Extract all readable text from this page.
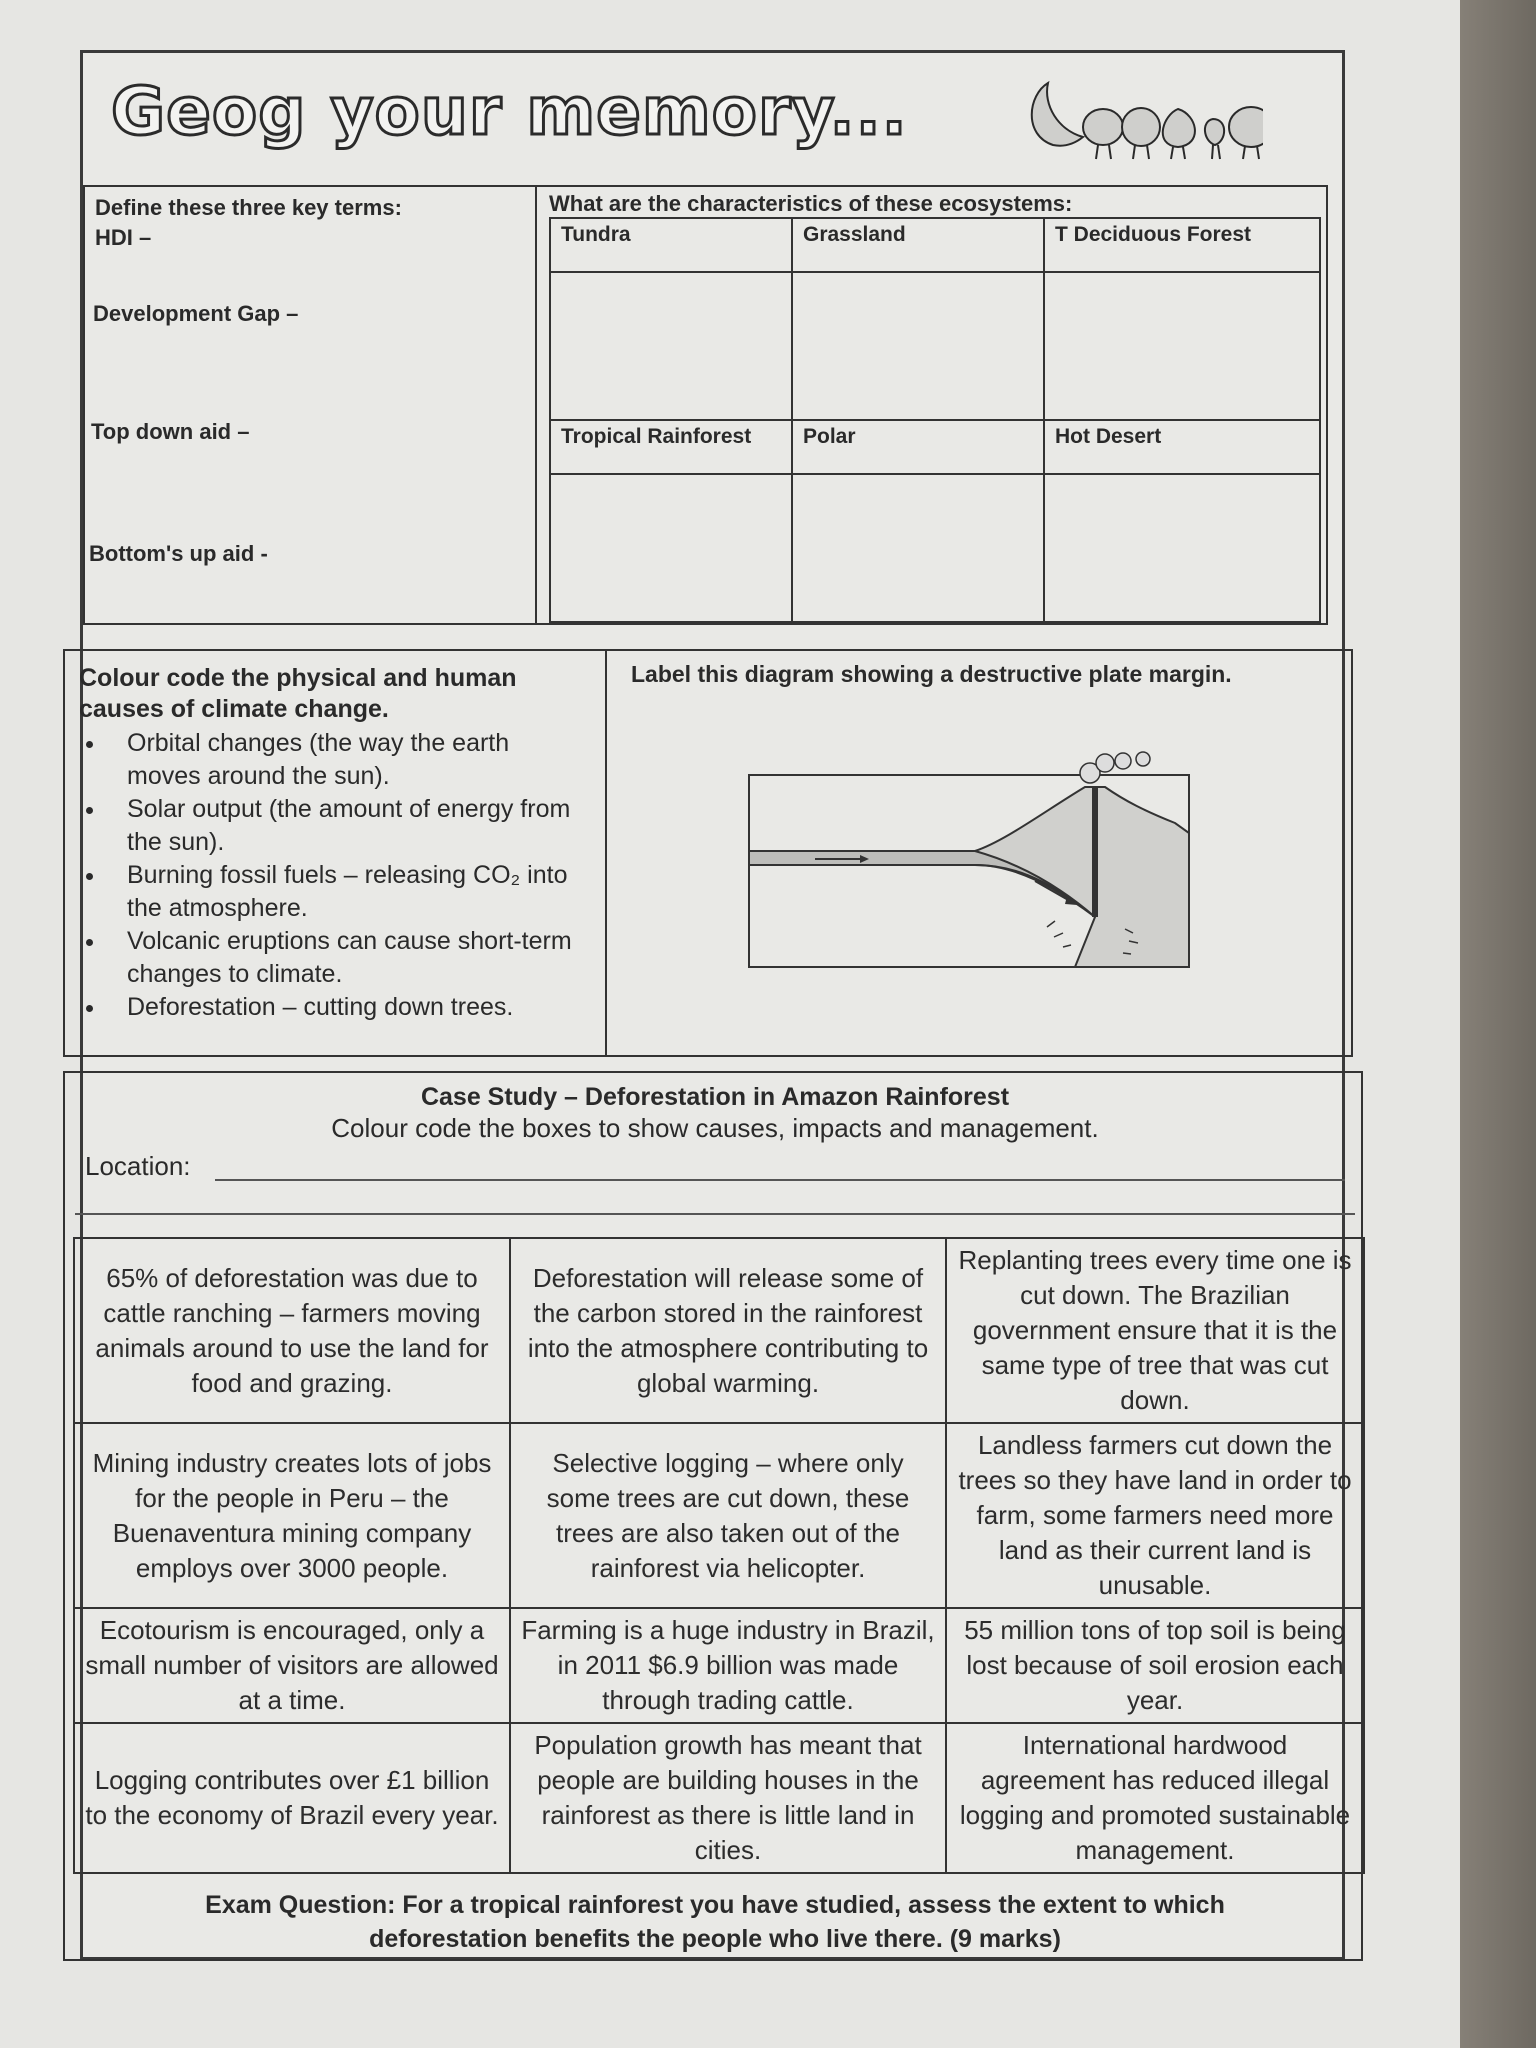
Geog your memory...
Define these three key terms:
HDI –
Development Gap –
Top down aid –
Bottom's up aid -
What are the characteristics of these ecosystems:
Tundra	Grassland	T Deciduous Forest

Tropical Rainforest	Polar	Hot Desert

Colour code the physical and human causes of climate change.
• Orbital changes (the way the earth moves around the sun).
• Solar output (the amount of energy from the sun).
• Burning fossil fuels – releasing CO₂ into the atmosphere.
• Volcanic eruptions can cause short-term changes to climate.
• Deforestation – cutting down trees.
Label this diagram showing a destructive plate margin.
Case Study – Deforestation in Amazon Rainforest
Colour code the boxes to show causes, impacts and management.
Location:
65% of deforestation was due to cattle ranching – farmers moving animals around to use the land for food and grazing.	Deforestation will release some of the carbon stored in the rainforest into the atmosphere contributing to global warming.	Replanting trees every time one is cut down. The Brazilian government ensure that it is the same type of tree that was cut down.
Mining industry creates lots of jobs for the people in Peru – the Buenaventura mining company employs over 3000 people.	Selective logging – where only some trees are cut down, these trees are also taken out of the rainforest via helicopter.	Landless farmers cut down the trees so they have land in order to farm, some farmers need more land as their current land is unusable.
Ecotourism is encouraged, only a small number of visitors are allowed at a time.	Farming is a huge industry in Brazil, in 2011 $6.9 billion was made through trading cattle.	55 million tons of top soil is being lost because of soil erosion each year.
Logging contributes over £1 billion to the economy of Brazil every year.	Population growth has meant that people are building houses in the rainforest as there is little land in cities.	International hardwood agreement has reduced illegal logging and promoted sustainable management.
Exam Question: For a tropical rainforest you have studied, assess the extent to which
deforestation benefits the people who live there. (9 marks)
